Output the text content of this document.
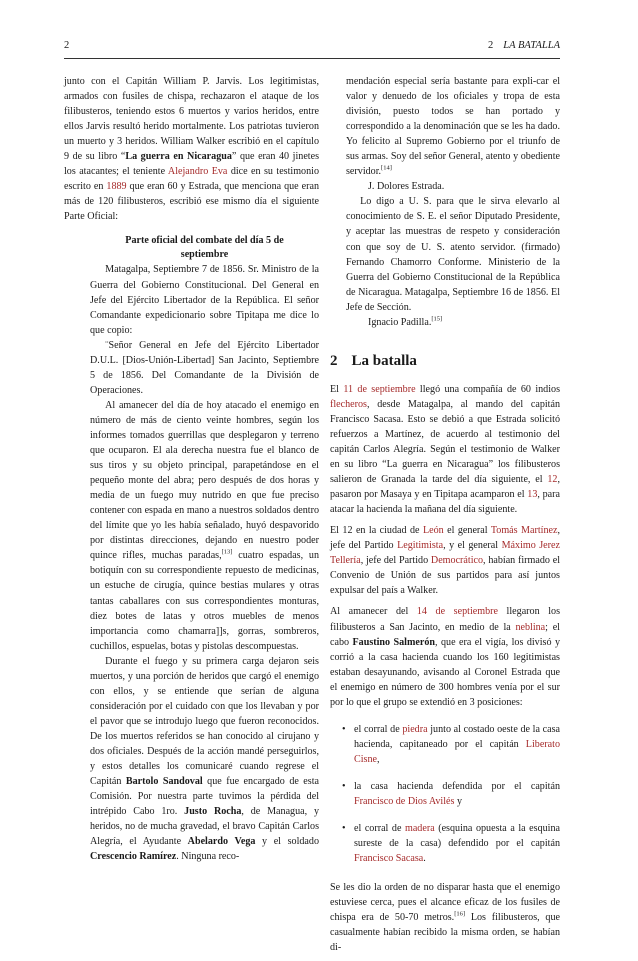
2	2 LA BATALLA

junto con el Capitán William P. Jarvis. Los legitimistas, armados con fusiles de chispa, rechazaron el ataque de los filibusteros, teniendo estos 6 muertos y varios heridos, entre ellos Jarvis resultó herido mortalmente. Los patriotas tuvieron un muerto y 3 heridos. William Walker escribió en el capítulo 9 de su libro “La guerra en Nicaragua” que eran 40 jinetes los atacantes; el teniente Alejandro Eva dice en su testimonio escrito en 1889 que eran 60 y Estrada, que menciona que eran más de 120 filibusteros, escribió ese mismo día el siguiente Parte Oficial:

Parte oficial del combate del día 5 de septiembre

Matagalpa, Septiembre 7 de 1856. Sr. Ministro de la Guerra del Gobierno Constitucional. Del General en Jefe del Ejército Libertador de la República. El señor Comandante expedicionario sobre Tipitapa me dice lo que copio:

¨Señor General en Jefe del Ejército Libertador D.U.L. [Dios-Unión-Libertad] San Jacinto, Septiembre 5 de 1856. Del Comandante de la División de Operaciones.

Al amanecer del día de hoy atacado el enemigo en número de más de ciento veinte hombres, según los informes tomados guerrillas que desplegaron y terreno que ocuparon. El ala derecha nuestra fue el blanco de sus tiros y su objeto principal, parapetándose en el pequeño monte del abra; pero después de dos horas y media de un fuego muy nutrido en que fue preciso contener con espada en mano a nuestros soldados dentro del límite que yo les había señalado, huyó despavorido por distintas direcciones, dejando en nuestro poder quince rifles, muchas paradas,[13] cuatro espadas, un botiquín con su correspondiente repuesto de medicinas, un estuche de cirugía, quince bestias mulares y otras tantas caballares con sus correspondientes monturas, diez botes de latas y otros muebles de menos importancia como chamarra]]s, gorras, sombreros, cuchillos, espuelas, botas y pistolas descompuestas.

Durante el fuego y su primera carga dejaron seis muertos, y una porción de heridos que cargó el enemigo con ellos, y se entiende que serían de alguna consideración por el cuidado con que los llevaban y por el pavor que se introdujo luego que fueron reconocidos. De los muertos referidos se han conocido al cirujano y dos oficiales. Después de la acción mandé perseguirlos, y estos detalles los comunicaré cuando regrese el Capitán Bartolo Sandoval que fue encargado de esta Comisión. Por nuestra parte tuvimos la pérdida del intrépido Cabo 1ro. Justo Rocha, de Managua, y heridos, no de mucha gravedad, el bravo Capitán Carlos Alegría, el Ayudante Abelardo Vega y el soldado Crescencio Ramírez. Ninguna reco-

mendación especial sería bastante para expli-car el valor y denuedo de los oficiales y tropa de esta división, puesto todos se han portado y correspondido a la denominación que se les ha dado. Yo felicito al Supremo Gobierno por el triunfo de sus armas. Soy del señor General, atento y obediente servidor.[14]

J. Dolores Estrada.

Lo digo a U. S. para que le sirva elevarlo al conocimiento de S. E. el señor Diputado Presidente, y aceptar las muestras de respeto y consideración con que soy de U. S. atento servidor. (firmado) Fernando Chamorro Conforme. Ministerio de la Guerra del Gobierno Constitucional de la República de Nicaragua. Matagalpa, Septiembre 16 de 1856. El Jefe de Sección.

Ignacio Padilla.[15]

2 La batalla

El 11 de septiembre llegó una compañía de 60 indios flecheros, desde Matagalpa, al mando del capitán Francisco Sacasa. Esto se debió a que Estrada solicitó refuerzos a Martínez, de acuerdo al testimonio del capitán Carlos Alegría. Según el testimonio de Walker en su libro “La guerra en Nicaragua” los filibusteros salieron de Granada la tarde del día siguiente, el 12, pasaron por Masaya y en Tipitapa acamparon el 13, para atacar la hacienda la mañana del día siguiente.

El 12 en la ciudad de León el general Tomás Martínez, jefe del Partido Legitimista, y el general Máximo Jerez Tellería, jefe del Partido Democrático, habían firmado el Convenio de Unión de sus partidos para así juntos expulsar del país a Walker.

Al amanecer del 14 de septiembre llegaron los filibusteros a San Jacinto, en medio de la neblina; el cabo Faustino Salmerón, que era el vigía, los divisó y corrió a la casa hacienda cuando los 160 legitimistas estaban desayunando, avisando al Coronel Estrada que el enemigo en número de 300 hombres venía por el sur por lo que el grupo se extendió en 3 posiciones:

• el corral de piedra junto al costado oeste de la casa hacienda, capitaneado por el capitán Liberato Cisne,
• la casa hacienda defendida por el capitán Francisco de Dios Avilés y
• el corral de madera (esquina opuesta a la esquina sureste de la casa) defendido por el capitán Francisco Sacasa.

Se les dio la orden de no disparar hasta que el enemigo estuviese cerca, pues el alcance eficaz de los fusiles de chispa era de 50-70 metros.[16] Los filibusteros, que casualmente habían recibido la misma orden, se habían di-
